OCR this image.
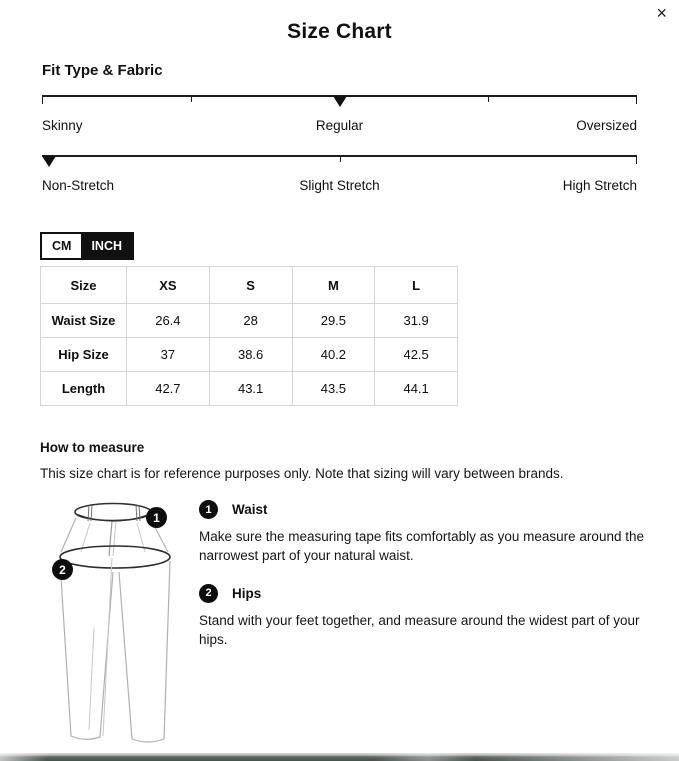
×
Size Chart
Fit Type & Fabric
Skinny	Regular	Oversized
Non-Stretch	Slight Stretch	High Stretch
CM	INCH
Size	XS	S	M	L
Waist Size	26.4	28	29.5	31.9
Hip Size	37	38.6	40.2	42.5
Length	42.7	43.1	43.5	44.1
How to measure
This size chart is for reference purposes only. Note that sizing will vary between brands.
1
2
1	Waist

Make sure the measuring tape fits comfortably as you measure around the narrowest part of your natural waist.

2	Hips

Stand with your feet together, and measure around the widest part of your hips.
